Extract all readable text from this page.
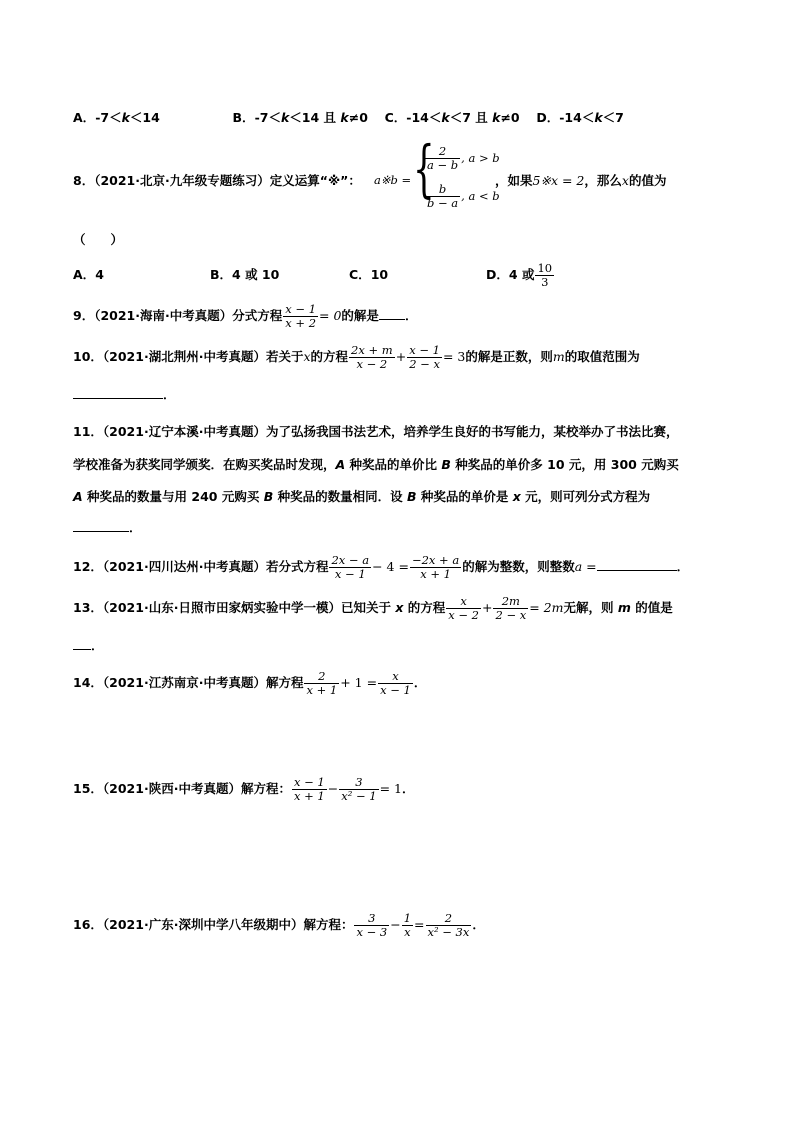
A．-7＜k＜14	B．-7＜k＜14 且 k≠0 C．-14＜k＜7 且 k≠0 D．-14＜k＜7
8．（2021·北京·九年级专题练习）定义运算“※”： a※b = {
$\frac{2}{a - b}$ , a > b
$\frac{b}{b - a}$ , a < b
，如果5※x = 2，那么x的值为
（　　）
A．4	B．4 或 10	C．10	D．4 或 $\frac{10}{3}$
9．（2021·海南·中考真题）分式方程 $\frac{x - 1}{x + 2} = 0$的解是 ．
10．（2021·湖北荆州·中考真题）若关于x的方程 $\frac{2x + m}{x - 2} + \frac{x - 1}{2 - x} = 3$的解是正数，则m的取值范围为
．
11．（2021·辽宁本溪·中考真题）为了弘扬我国书法艺术，培养学生良好的书写能力，某校举办了书法比赛，
学校准备为获奖同学颁奖．在购买奖品时发现，A 种奖品的单价比 B 种奖品的单价多 10 元，用 300 元购买
A 种奖品的数量与用 240 元购买 B 种奖品的数量相同．设 B 种奖品的单价是 x 元，则可列分式方程为
．
12．（2021·四川达州·中考真题）若分式方程 $\frac{2x - a}{x - 1} - 4 = \frac{-2x + a}{x + 1}$ 的解为整数，则整数a =	．
13．（2021·山东·日照市田家炳实验中学一模）已知关于 x 的方程 $\frac{x}{x - 2} + \frac{2m}{2 - x} = 2m$无解，则 m 的值是
．
14．（2021·江苏南京·中考真题）解方程 $\frac{2}{x + 1} + 1 = \frac{x}{x - 1}$ ．
15．（2021·陕西·中考真题）解方程： $\frac{x - 1}{x + 1} - \frac{3}{\text{x² − 1}} = 1$．
16．（2021·广东·深圳中学八年级期中）解方程： $\frac{3}{x - 3} - \frac{1}{x} = \frac{2}{\text{x² − 3x}}$ ．
